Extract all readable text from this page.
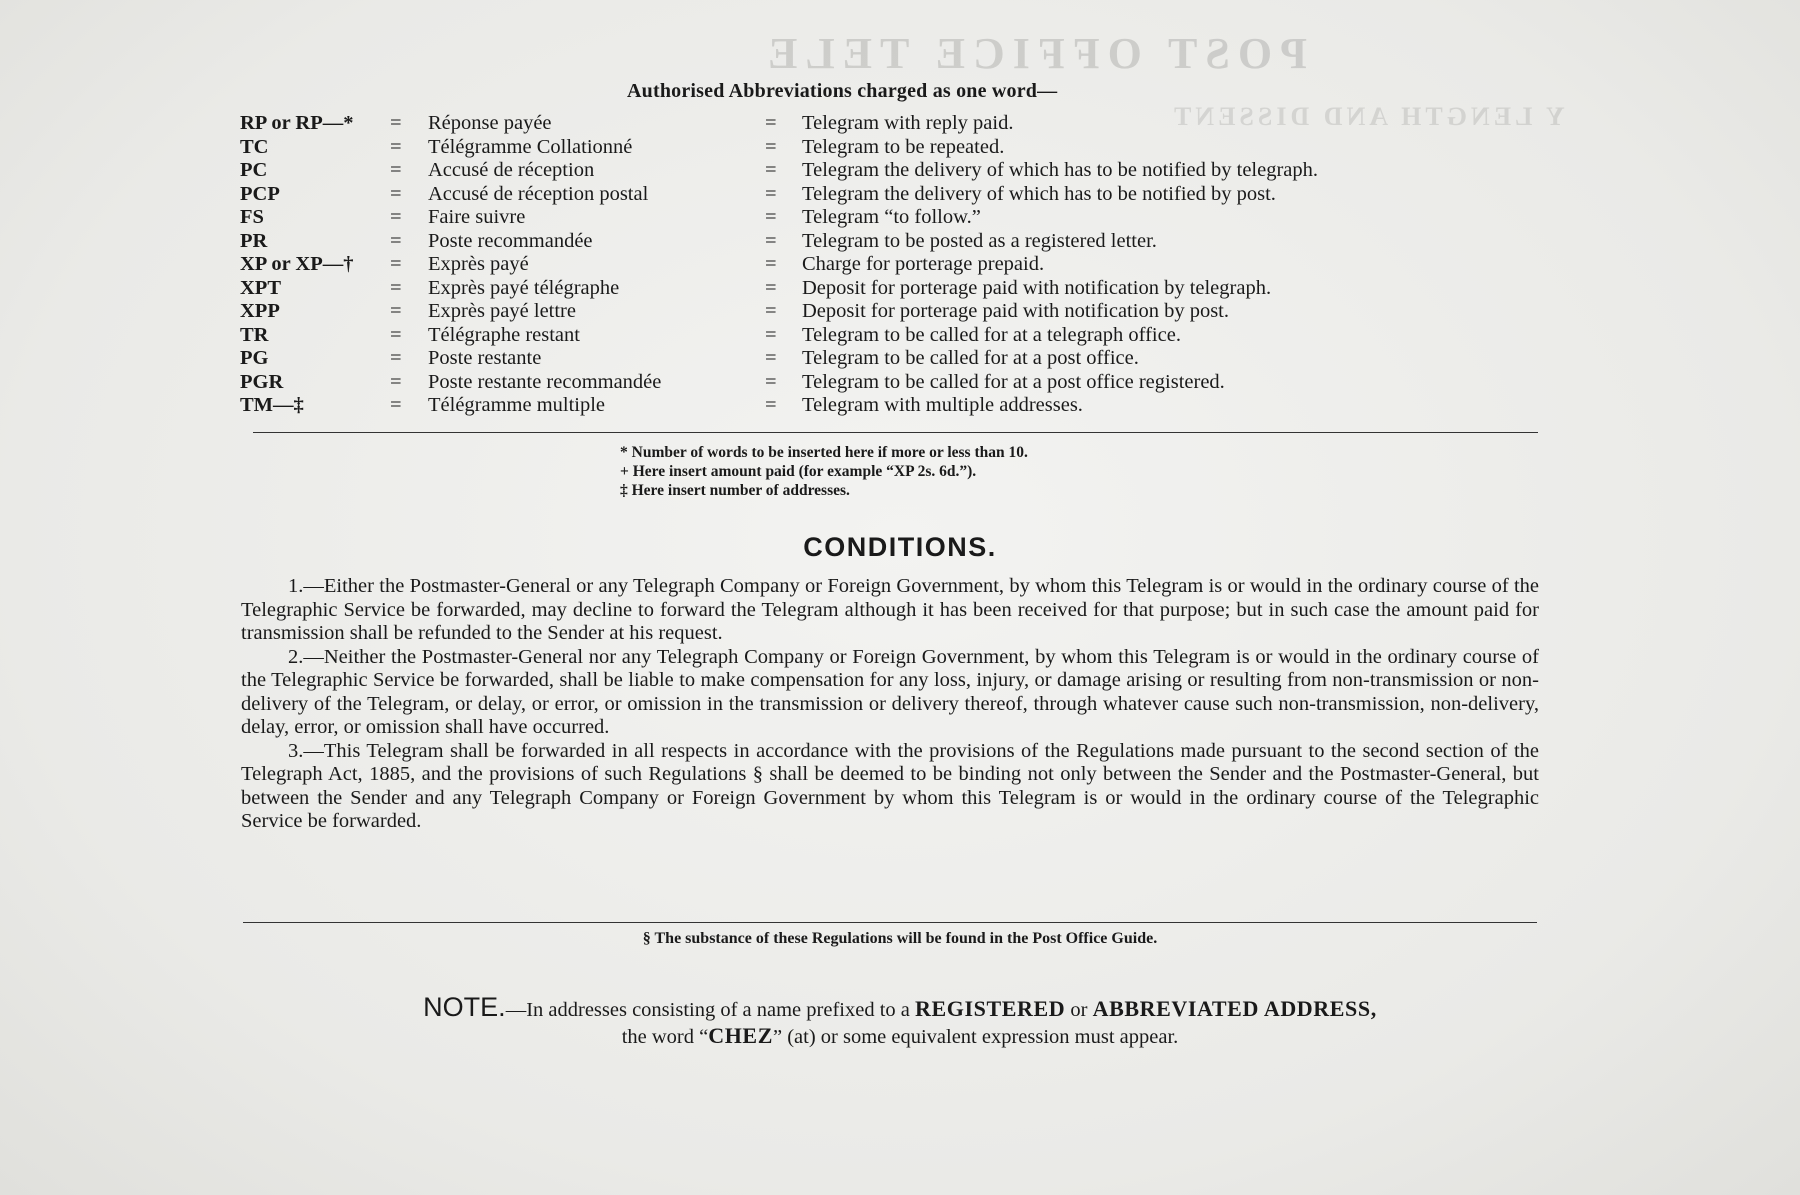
POST OFFICE TELE
Y LENGTH AND DISSENT
Authorised Abbreviations charged as one word—
RP or RP—* = Réponse payée	= Telegram with reply paid.
TC	= Télégramme Collationné	= Telegram to be repeated.
PC	= Accusé de réception	= Telegram the delivery of which has to be notified by telegraph.
PCP	= Accusé de réception postal	= Telegram the delivery of which has to be notified by post.
FS	= Faire suivre	= Telegram “to follow.”
PR	= Poste recommandée	= Telegram to be posted as a registered letter.
XP or XP—† = Exprès payé	= Charge for porterage prepaid.
XPT	= Exprès payé télégraphe	= Deposit for porterage paid with notification by telegraph.
XPP	= Exprès payé lettre	= Deposit for porterage paid with notification by post.
TR	= Télégraphe restant	= Telegram to be called for at a telegraph office.
PG	= Poste restante	= Telegram to be called for at a post office.
PGR	= Poste restante recommandée	= Telegram to be called for at a post office registered.
TM—‡	= Télégramme multiple	= Telegram with multiple addresses.
* Number of words to be inserted here if more or less than 10.
+ Here insert amount paid (for example “XP 2s. 6d.”).
‡ Here insert number of addresses.
CONDITIONS.

1.—Either the Postmaster-General or any Telegraph Company or Foreign Government, by whom this Telegram is or would in the ordinary course of the Telegraphic Service be forwarded, may decline to forward the Telegram although it has been received for that purpose; but in such case the amount paid for transmission shall be refunded to the Sender at his request.

2.—Neither the Postmaster-General nor any Telegraph Company or Foreign Government, by whom this Telegram is or would in the ordinary course of the Telegraphic Service be forwarded, shall be liable to make compensation for any loss, injury, or damage arising or resulting from non-transmission or non-delivery of the Telegram, or delay, or error, or omission in the transmission or delivery thereof, through whatever cause such non-transmission, non-delivery, delay, error, or omission shall have occurred.

3.—This Telegram shall be forwarded in all respects in accordance with the provisions of the Regulations made pursuant to the second section of the Telegraph Act, 1885, and the provisions of such Regulations § shall be deemed to be binding not only between the Sender and the Postmaster-General, but between the Sender and any Telegraph Company or Foreign Government by whom this Telegram is or would in the ordinary course of the Telegraphic Service be forwarded.

§ The substance of these Regulations will be found in the Post Office Guide.
NOTE.—In addresses consisting of a name prefixed to a REGISTERED or ABBREVIATED ADDRESS,
the word “CHEZ” (at) or some equivalent expression must appear.
